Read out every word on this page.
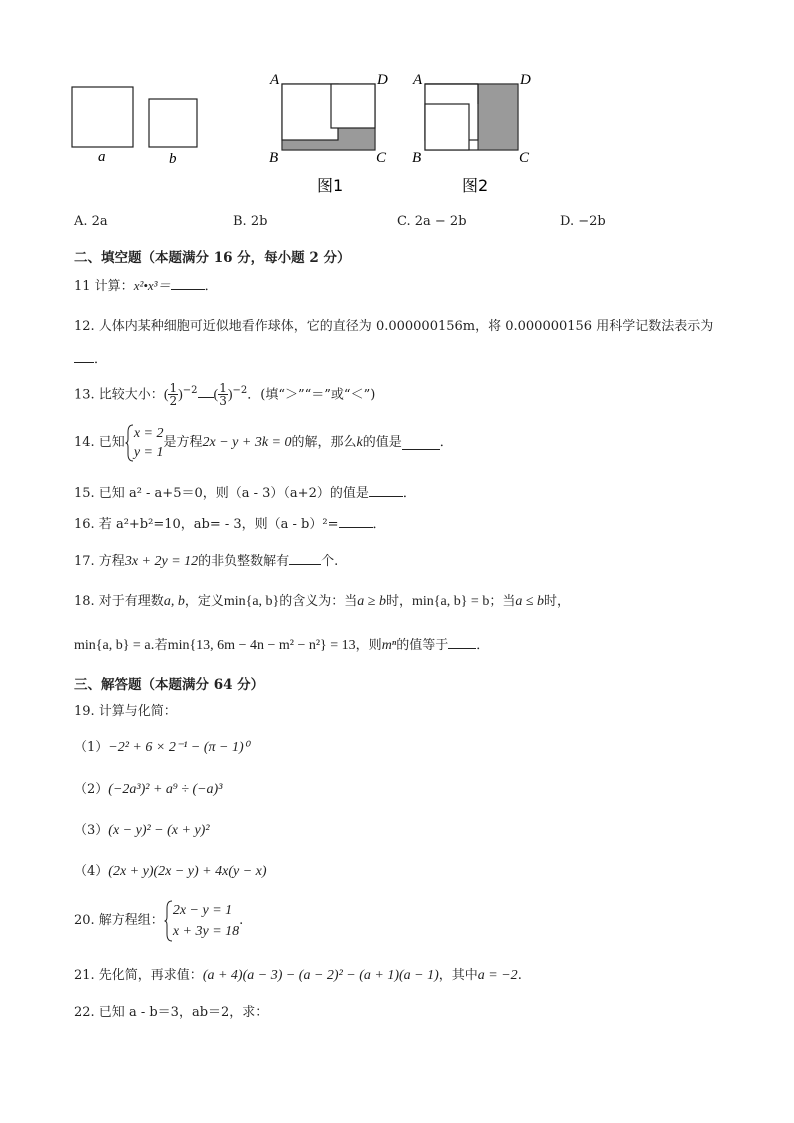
a	b
A	D
B	C
图1
A	D
B	C
图2
A. 2a	B. 2b	C. 2a − 2b	D. −2b
二、填空题（本题满分 16 分，每小题 2 分）
11 计算：x²•x³＝	．
12. 人体内某种细胞可近似地看作球体，它的直径为 0.000000156m，将 0.000000156 用科学记数法表示为
．
13. 比较大小：( $\frac{1}{2} )^{-2}$ ( $\frac{1}{3} )^{-2}$．(填“＞”“＝”或“＜”)
14. 已知
x = 2
y = 1
是方程2x − y + 3k = 0的解，那么k的值是	．
15. 已知 a² - a+5＝0，则（a - 3）（a+2）的值是	．
16. 若 a²+b²=10，ab= - 3，则（a - b）²=	．
17. 方程3x + 2y = 12的非负整数解有 个.
18. 对于有理数a, b，定义min{a, b}的含义为：当a ≥ b时，min{a, b} = b；当a ≤ b时，
min{a, b} = a.若min{13, 6m − 4n − m² − n²} = 13，则mⁿ的值等于 ．
三、解答题（本题满分 64 分）
19. 计算与化简：
（1）−2² + 6 × 2⁻¹ − (π − 1)⁰
（2）(−2a³)² + a⁹ ÷ (−a)³
（3）(x − y)² − (x + y)²
（4）(2x + y)(2x − y) + 4x(y − x)
20. 解方程组：
2x − y = 1
x + 3y = 18
.
21. 先化简，再求值：(a + 4)(a − 3) − (a − 2)² − (a + 1)(a − 1)，其中a = −2.
22. 已知 a - b＝3，ab＝2，求：
